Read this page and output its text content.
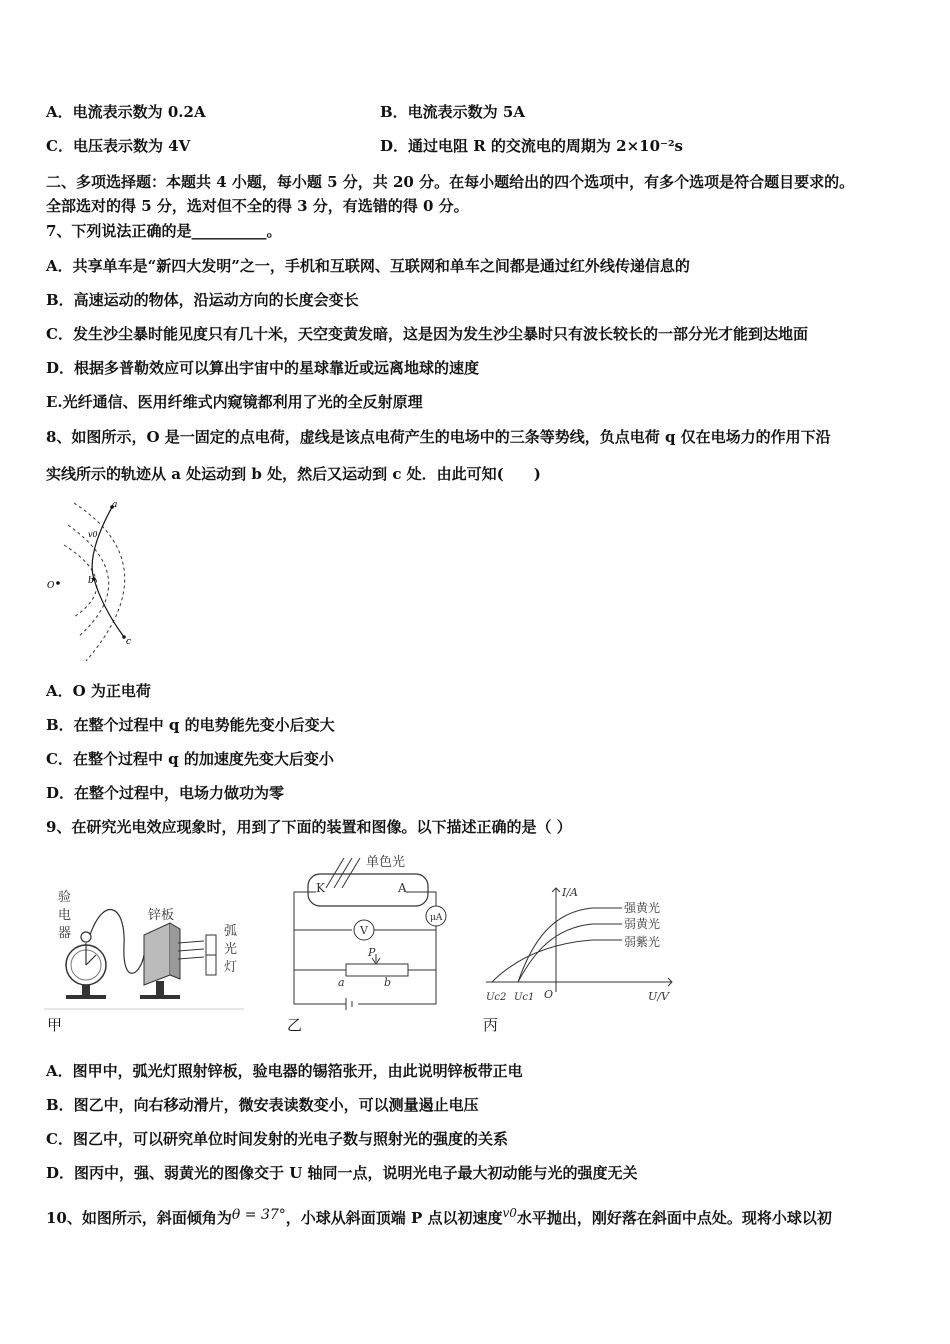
A．电流表示数为 0.2A	B．电流表示数为 5A
C．电压表示数为 4V	D．通过电阻 R 的交流电的周期为 2×10⁻²s
二、多项选择题：本题共 4 小题，每小题 5 分，共 20 分。在每小题给出的四个选项中，有多个选项是符合题目要求的。
全部选对的得 5 分，选对但不全的得 3 分，有选错的得 0 分。
7、下列说法正确的是__________。
A．共享单车是“新四大发明”之一，手机和互联网、互联网和单车之间都是通过红外线传递信息的
B．高速运动的物体，沿运动方向的长度会变长
C．发生沙尘暴时能见度只有几十米，天空变黄发暗，这是因为发生沙尘暴时只有波长较长的一部分光才能到达地面
D．根据多普勒效应可以算出宇宙中的星球靠近或远离地球的速度
E.光纤通信、医用纤维式内窥镜都利用了光的全反射原理
8、如图所示，O 是一固定的点电荷，虚线是该点电荷产生的电场中的三条等势线，负点电荷 q 仅在电场力的作用下沿
实线所示的轨迹从 a 处运动到 b 处，然后又运动到 c 处．由此可知(　　)
O
a
b
c
v0
A．O 为正电荷
B．在整个过程中 q 的电势能先变小后变大
C．在整个过程中 q 的加速度先变大后变小
D．在整个过程中，电场力做功为零
9、在研究光电效应现象时，用到了下面的装置和图像。以下描述正确的是（ ）
验
电
器
锌板
弧
光
灯
甲
单色光
K	A
μA
V
P
a	b
乙
I/A
U/V
O
Uc2 Uc1
强黄光
弱黄光
弱紫光
丙
A．图甲中，弧光灯照射锌板，验电器的锡箔张开，由此说明锌板带正电
B．图乙中，向右移动滑片，微安表读数变小，可以测量遏止电压
C．图乙中，可以研究单位时间发射的光电子数与照射光的强度的关系
D．图丙中，强、弱黄光的图像交于 U 轴同一点，说明光电子最大初动能与光的强度无关
10、如图所示，斜面倾角为θ = 37°，小球从斜面顶端 P 点以初速度$^{v0}$水平抛出，刚好落在斜面中点处。现将小球以初
